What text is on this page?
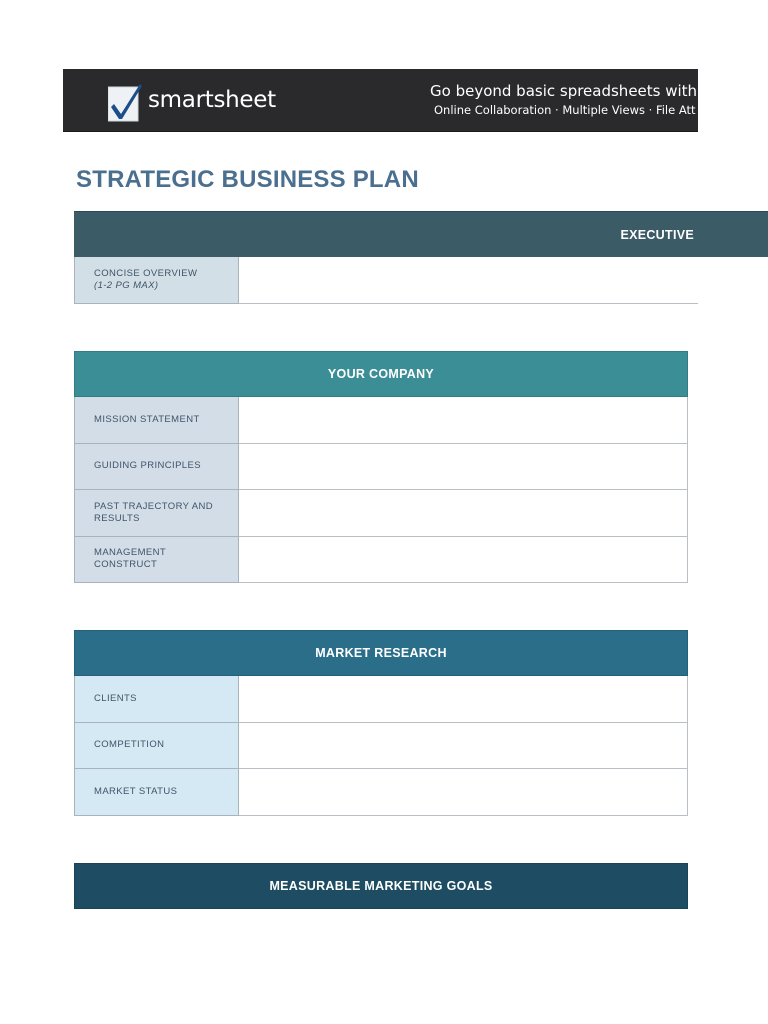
smartsheet	Go beyond basic spreadsheets with
Online Collaboration · Multiple Views · File Att
STRATEGIC BUSINESS PLAN
EXECUTIVE
CONCISE OVERVIEW
(1-2 PG MAX)
YOUR COMPANY
MISSION STATEMENT
GUIDING PRINCIPLES
PAST TRAJECTORY AND RESULTS
MANAGEMENT CONSTRUCT
MARKET RESEARCH
CLIENTS
COMPETITION
MARKET STATUS
MEASURABLE MARKETING GOALS
